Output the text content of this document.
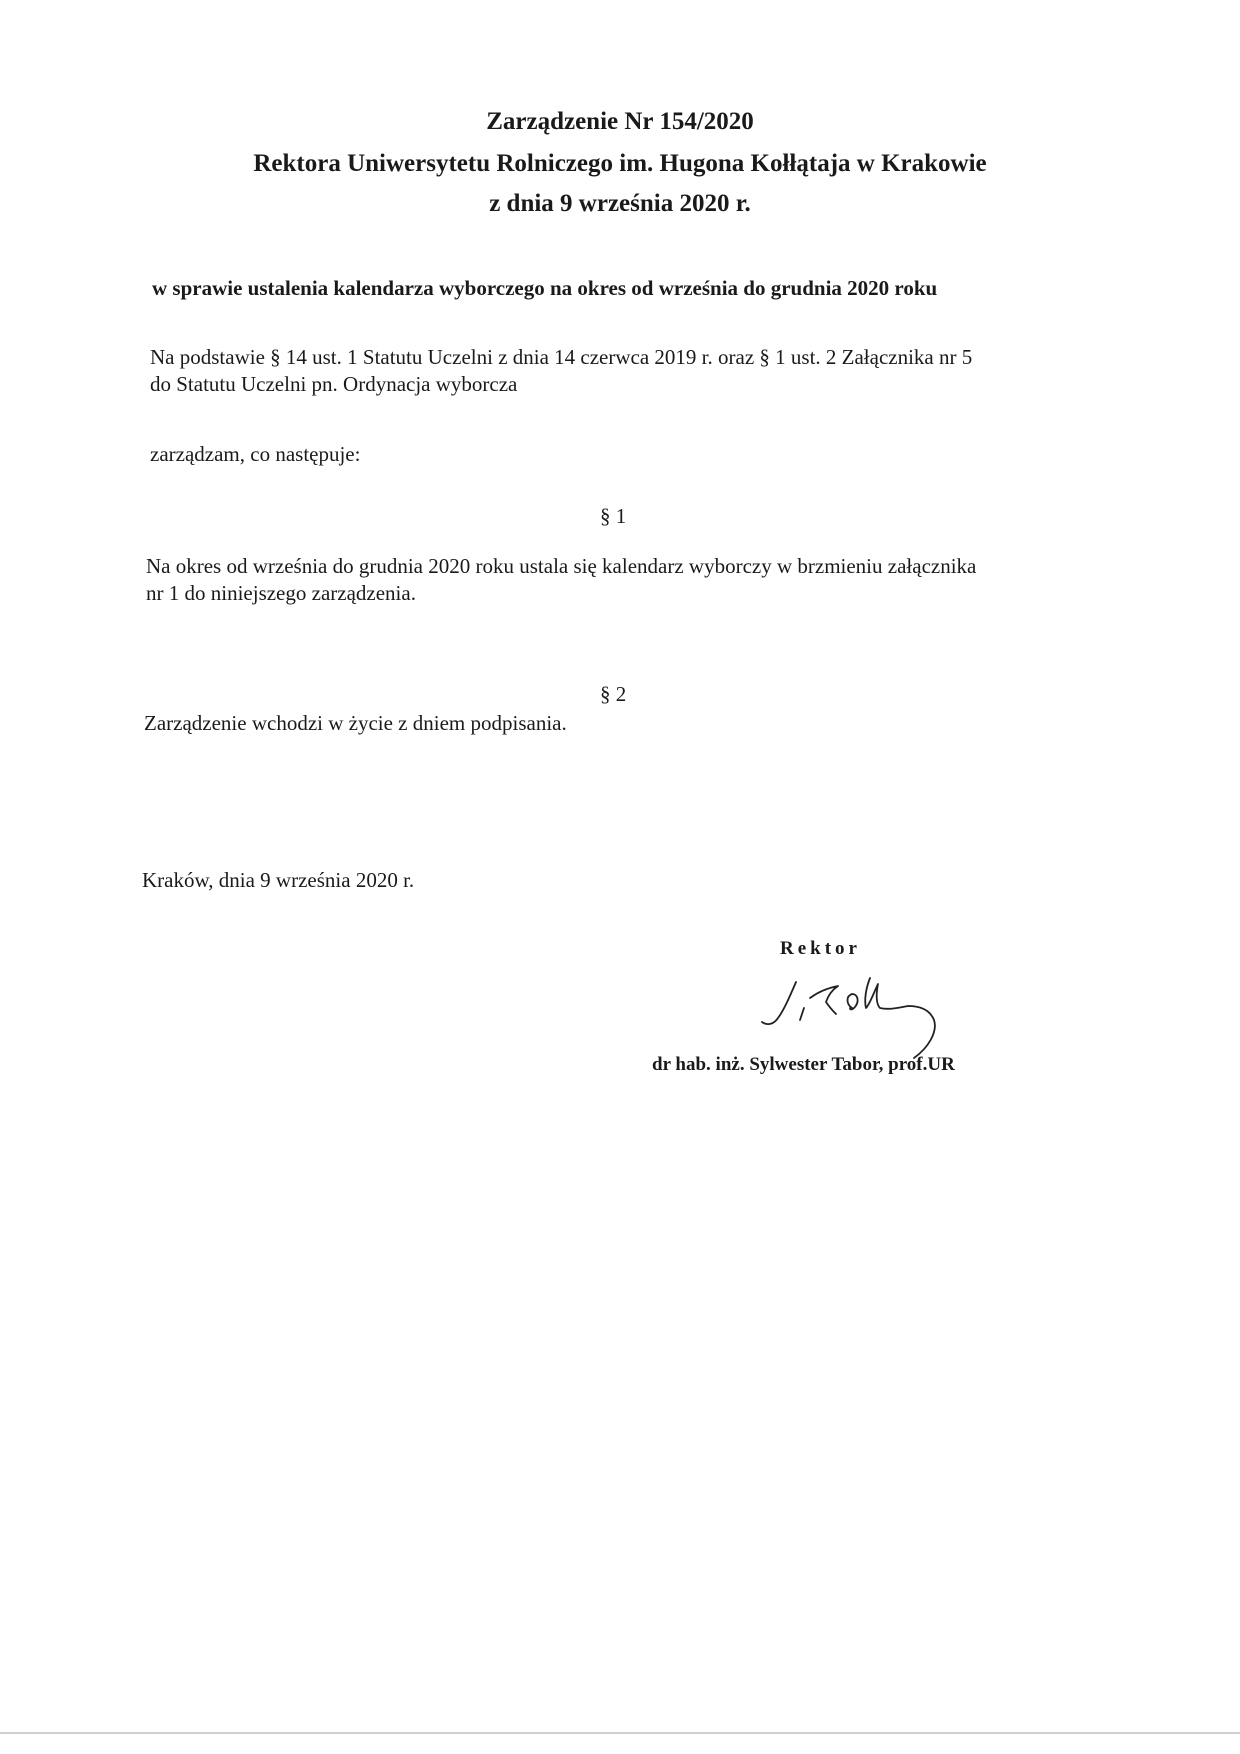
Zarządzenie Nr 154/2020
Rektora Uniwersytetu Rolniczego im. Hugona Kołłątaja w Krakowie
z dnia 9 września 2020 r.
w sprawie ustalenia kalendarza wyborczego na okres od września do grudnia 2020 roku
Na podstawie § 14 ust. 1 Statutu Uczelni z dnia 14 czerwca 2019 r. oraz § 1 ust. 2 Załącznika nr 5
do Statutu Uczelni pn. Ordynacja wyborcza
zarządzam, co następuje:
§ 1
Na okres od września do grudnia 2020 roku ustala się kalendarz wyborczy w brzmieniu załącznika
nr 1 do niniejszego zarządzenia.
§ 2
Zarządzenie wchodzi w życie z dniem podpisania.
Kraków, dnia 9 września 2020 r.
Rektor
dr hab. inż. Sylwester Tabor, prof.UR
